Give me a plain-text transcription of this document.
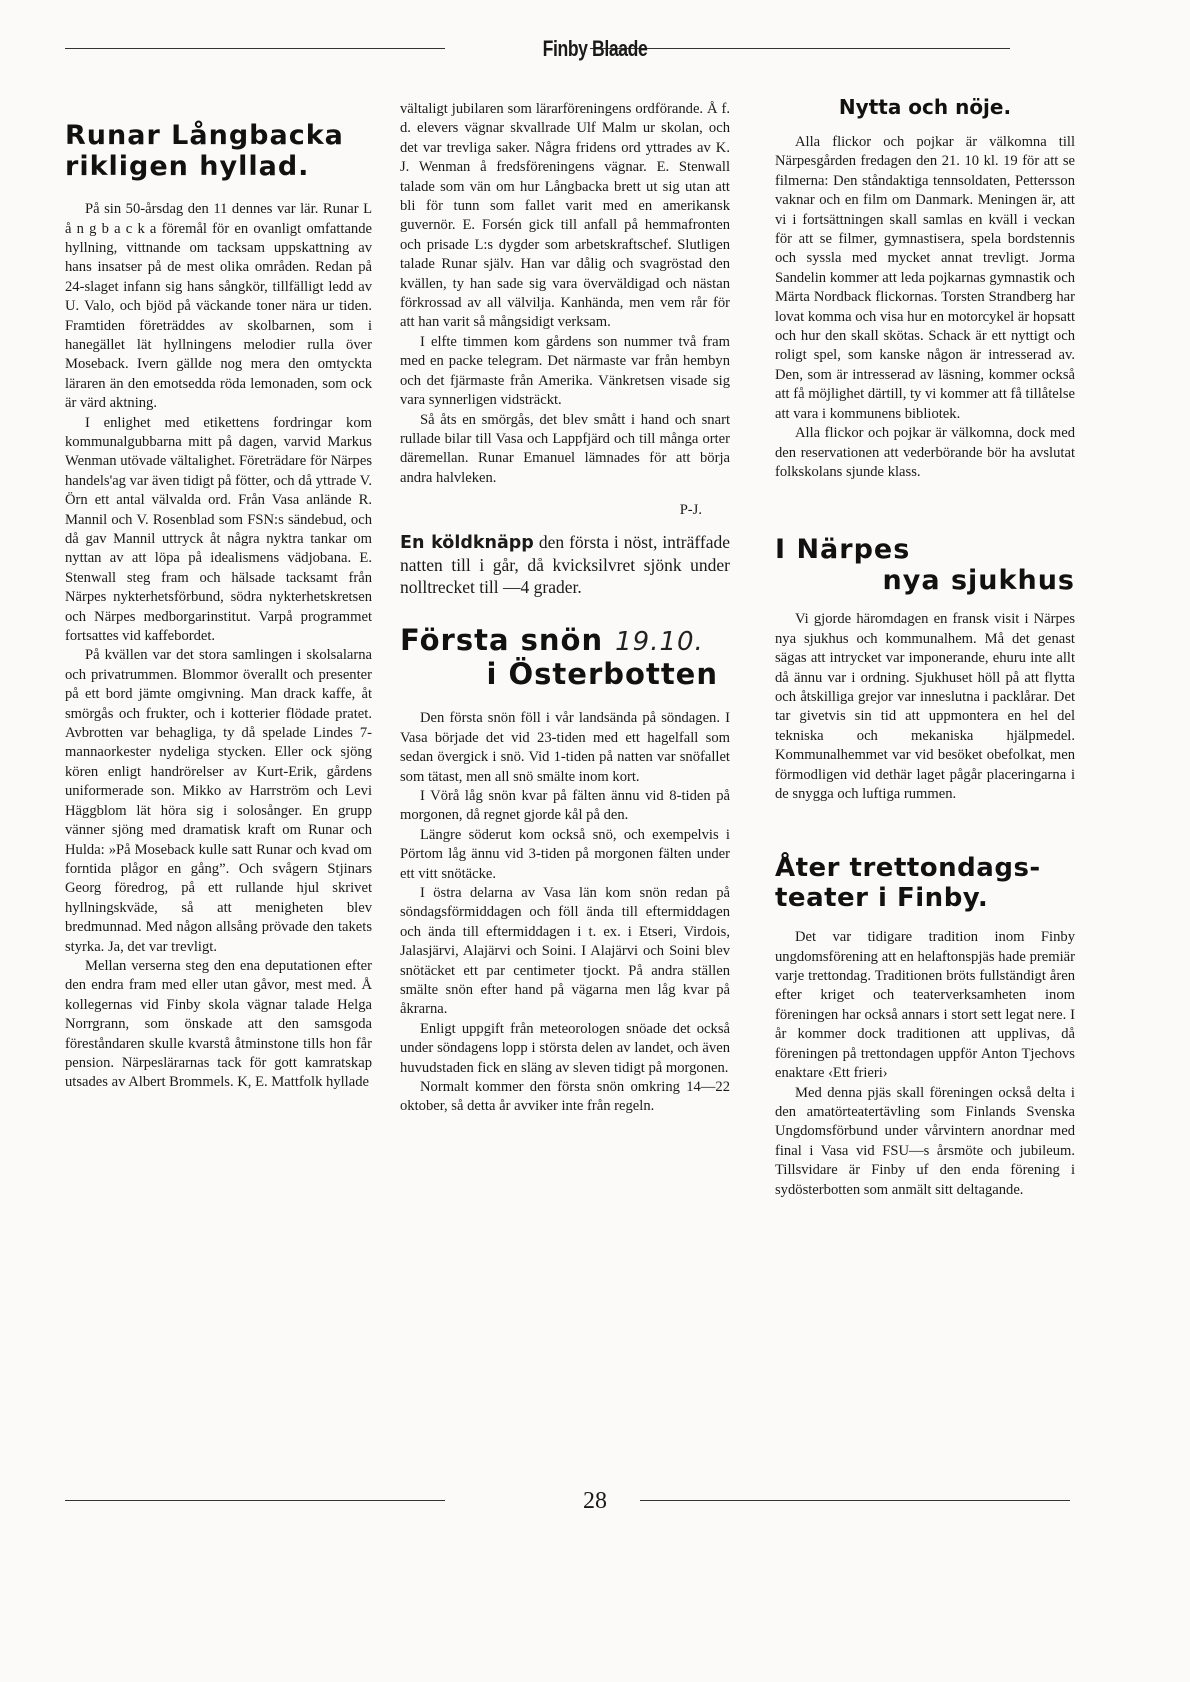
Finby Blaade
Runar Långbacka rikligen hyllad.

På sin 50-årsdag den 11 dennes var lär. Runar L å n g b a c k a föremål för en ovanligt omfattande hyllning, vittnande om tacksam uppskattning av hans insatser på de mest olika områden. Redan på 24-slaget infann sig hans sångkör, tillfälligt ledd av U. Valo, och bjöd på väckande toner nära ur tiden. Framtiden företräddes av skolbarnen, som i hanegället lät hyllningens melodier rulla över Moseback. Ivern gällde nog mera den omtyckta läraren än den emotsedda röda lemonaden, som ock är värd aktning.

I enlighet med etikettens fordringar kom kommunalgubbarna mitt på dagen, varvid Markus Wenman utövade vältalighet. Företrädare för Närpes handels'ag var även tidigt på fötter, och då yttrade V. Örn ett antal välvalda ord. Från Vasa anlände R. Mannil och V. Rosenblad som FSN:s sändebud, och då gav Mannil uttryck åt några nyktra tankar om nyttan av att löpa på idealismens vädjobana. E. Stenwall steg fram och hälsade tacksamt från Närpes nykterhetsförbund, södra nykterhetskretsen och Närpes medborgarinstitut. Varpå programmet fortsattes vid kaffebordet.

På kvällen var det stora samlingen i skolsalarna och privatrummen. Blommor överallt och presenter på ett bord jämte omgivning. Man drack kaffe, åt smörgås och frukter, och i kotterier flödade pratet. Avbrotten var behagliga, ty då spelade Lindes 7-mannaorkester nydeliga stycken. Eller ock sjöng kören enligt handrörelser av Kurt-Erik, gårdens uniformerade son. Mikko av Harrström och Levi Häggblom lät höra sig i solosånger. En grupp vänner sjöng med dramatisk kraft om Runar och Hulda: »På Moseback kulle satt Runar och kvad om forntida plågor en gång”. Och svågern Stjinars Georg föredrog, på ett rullande hjul skrivet hyllningskväde, så att menigheten blev bredmunnad. Med någon allsång prövade den takets styrka. Ja, det var trevligt.

Mellan verserna steg den ena deputationen efter den endra fram med eller utan gåvor, mest med. Å kollegernas vid Finby skola vägnar talade Helga Norrgrann, som önskade att den samsgoda föreståndaren skulle kvarstå åtminstone tills hon får pension. Närpeslärarnas tack för gott kamratskap utsades av Albert Brommels. K, E. Mattfolk hyllade

vältaligt jubilaren som lärarföreningens ordförande. Å f. d. elevers vägnar skvallrade Ulf Malm ur skolan, och det var trevliga saker. Några fridens ord yttrades av K. J. Wenman å fredsföreningens vägnar. E. Stenwall talade som vän om hur Långbacka brett ut sig utan att bli för tunn som fallet varit med en amerikansk guvernör. E. Forsén gick till anfall på hemmafronten och prisade L:s dygder som arbetskraftschef. Slutligen talade Runar själv. Han var dålig och svagröstad den kvällen, ty han sade sig vara överväldigad och nästan förkrossad av all välvilja. Kanhända, men vem rår för att han varit så mångsidigt verksam.

I elfte timmen kom gårdens son nummer två fram med en packe telegram. Det närmaste var från hembyn och det fjärmaste från Amerika. Vänkretsen visade sig vara synnerligen vidsträckt.

Så åts en smörgås, det blev smått i hand och snart rullade bilar till Vasa och Lappfjärd och till många orter däremellan. Runar Emanuel lämnades för att börja andra halvleken.

P-J.

En köldknäpp den första i nöst, inträffade natten till i går, då kvicksilvret sjönk under nolltrecket till —4 grader.

Första snön 19.10.
i Österbotten

Den första snön föll i vår landsända på söndagen. I Vasa började det vid 23-tiden med ett hagelfall som sedan övergick i snö. Vid 1-tiden på natten var snöfallet som tätast, men all snö smälte inom kort.

I Vörå låg snön kvar på fälten ännu vid 8-tiden på morgonen, då regnet gjorde kål på den.

Längre söderut kom också snö, och exempelvis i Pörtom låg ännu vid 3-tiden på morgonen fälten under ett vitt snötäcke.

I östra delarna av Vasa län kom snön redan på söndagsförmiddagen och föll ända till eftermiddagen och ända till eftermiddagen i t. ex. i Etseri, Virdois, Jalasjärvi, Alajärvi och Soini. I Alajärvi och Soini blev snötäcket ett par centimeter tjockt. På andra ställen smälte snön efter hand på vägarna men låg kvar på åkrarna.

Enligt uppgift från meteorologen snöade det också under söndagens lopp i största delen av landet, och även huvudstaden fick en släng av sleven tidigt på morgonen.

Normalt kommer den första snön omkring 14—22 oktober, så detta år avviker inte från regeln.

Nytta och nöje.

Alla flickor och pojkar är välkomna till Närpesgården fredagen den 21. 10 kl. 19 för att se filmerna: Den ståndaktiga tennsoldaten, Pettersson vaknar och en film om Danmark. Meningen är, att vi i fortsättningen skall samlas en kväll i veckan för att se filmer, gymnastisera, spela bordstennis och syssla med mycket annat trevligt. Jorma Sandelin kommer att leda pojkarnas gymnastik och Märta Nordback flickornas. Torsten Strandberg har lovat komma och visa hur en motorcykel är hopsatt och hur den skall skötas. Schack är ett nyttigt och roligt spel, som kanske någon är intresserad av. Den, som är intresserad av läsning, kommer också att få möjlighet därtill, ty vi kommer att få tillåtelse att vara i kommunens bibliotek.

Alla flickor och pojkar är välkomna, dock med den reservationen att vederbörande bör ha avslutat folkskolans sjunde klass.

I Närpes
nya sjukhus

Vi gjorde häromdagen en fransk visit i Närpes nya sjukhus och kommunalhem. Må det genast sägas att intrycket var imponerande, ehuru inte allt då ännu var i ordning. Sjukhuset höll på att flytta och åtskilliga grejor var inneslutna i packlårar. Det tar givetvis sin tid att uppmontera en hel del tekniska och mekaniska hjälpmedel. Kommunalhemmet var vid besöket obefolkat, men förmodligen vid dethär laget pågår placeringarna i de snygga och luftiga rummen.

Åter trettondags-
teater i Finby.

Det var tidigare tradition inom Finby ungdomsförening att en helaftonspjäs hade premiär varje trettondag. Traditionen bröts fullständigt åren efter kriget och teaterverksamheten inom föreningen har också annars i stort sett legat nere. I år kommer dock traditionen att upplivas, då föreningen på trettondagen uppför Anton Tjechovs enaktare ‹Ett frieri›

Med denna pjäs skall föreningen också delta i den amatörteatertävling som Finlands Svenska Ungdomsförbund under vårvintern anordnar med final i Vasa vid FSU—s årsmöte och jubileum. Tillsvidare är Finby uf den enda förening i sydösterbotten som anmält sitt deltagande.

28
